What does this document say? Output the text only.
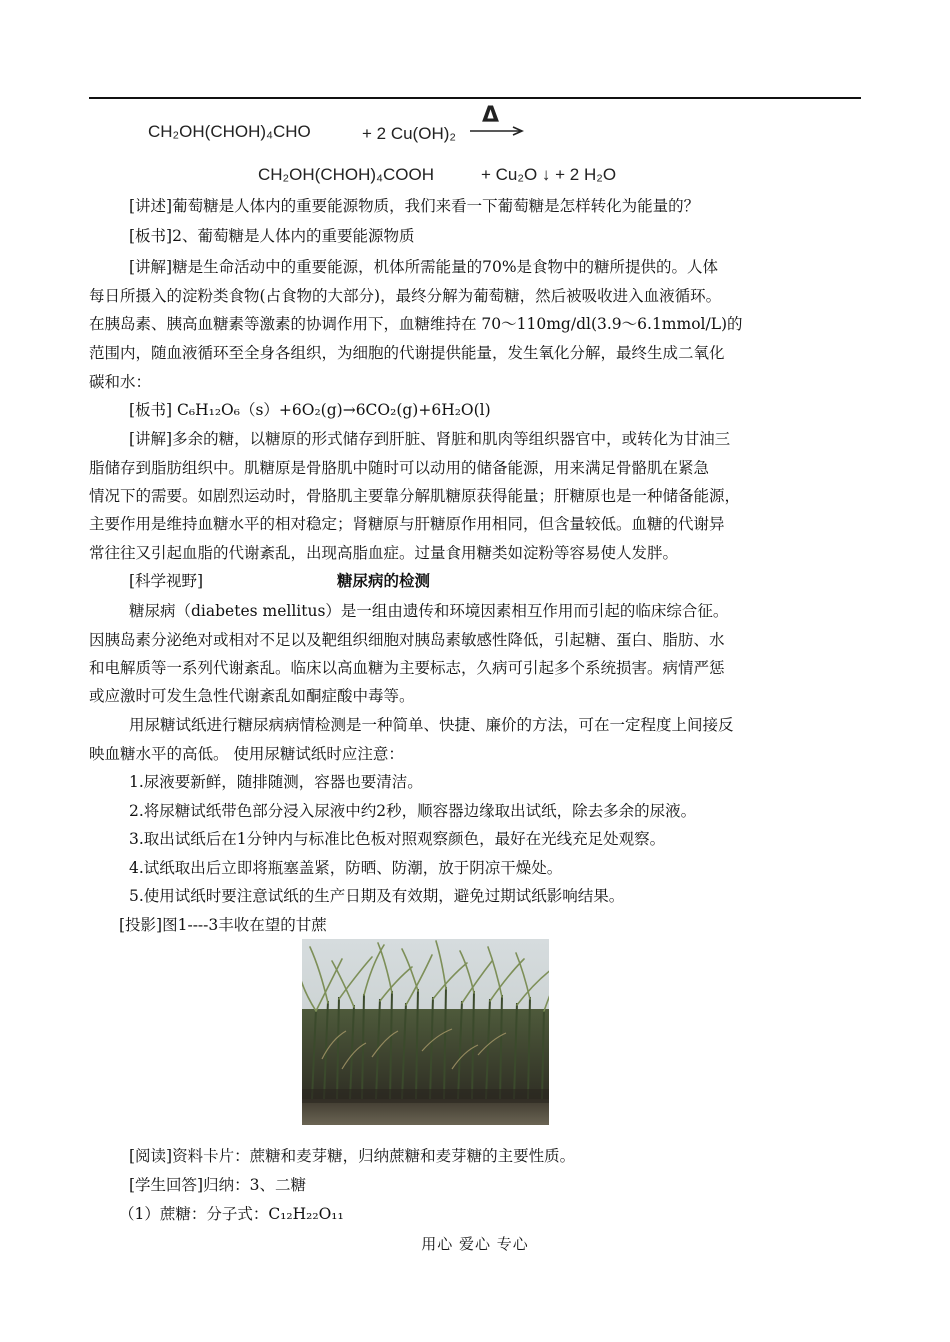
CH₂OH(CHOH)₄CHO	+ 2 Cu(OH)₂
Δ
CH₂OH(CHOH)₄COOH	+ Cu₂O ↓ + 2 H₂O
[讲述]葡萄糖是人体内的重要能源物质，我们来看一下葡萄糖是怎样转化为能量的？
[板书]2、葡萄糖是人体内的重要能源物质
[讲解]糖是生命活动中的重要能源，机体所需能量的70%是食物中的糖所提供的。人体
每日所摄入的淀粉类食物(占食物的大部分)，最终分解为葡萄糖，然后被吸收进入血液循环。
在胰岛素、胰高血糖素等激素的协调作用下，血糖维持在 70～110mg/dl(3.9～6.1mmol/L)的
范围内，随血液循环至全身各组织，为细胞的代谢提供能量，发生氧化分解，最终生成二氧化
碳和水：
[板书] C₆H₁₂O₆（s）+6O₂(g)→6CO₂(g)+6H₂O(l)
[讲解]多余的糖，以糖原的形式储存到肝脏、肾脏和肌肉等组织器官中，或转化为甘油三
脂储存到脂肪组织中。肌糖原是骨胳肌中随时可以动用的储备能源，用来满足骨骼肌在紧急
情况下的需要。如剧烈运动时，骨胳肌主要靠分解肌糖原获得能量；肝糖原也是一种储备能源，
主要作用是维持血糖水平的相对稳定；肾糖原与肝糖原作用相同，但含量较低。血糖的代谢异
常往往又引起血脂的代谢紊乱，出现高脂血症。过量食用糖类如淀粉等容易使人发胖。
[科学视野]	糖尿病的检测
糖尿病（diabetes mellitus）是一组由遗传和环境因素相互作用而引起的临床综合征。
因胰岛素分泌绝对或相对不足以及靶组织细胞对胰岛素敏感性降低，引起糖、蛋白、脂肪、水
和电解质等一系列代谢紊乱。临床以高血糖为主要标志，久病可引起多个系统损害。病情严惩
或应激时可发生急性代谢紊乱如酮症酸中毒等。
用尿糖试纸进行糖尿病病情检测是一种简单、快捷、廉价的方法，可在一定程度上间接反
映血糖水平的高低。 使用尿糖试纸时应注意：
1.尿液要新鲜，随排随测，容器也要清洁。
2.将尿糖试纸带色部分浸入尿液中约2秒，顺容器边缘取出试纸，除去多余的尿液。
3.取出试纸后在1分钟内与标准比色板对照观察颜色，最好在光线充足处观察。
4.试纸取出后立即将瓶塞盖紧，防晒、防潮，放于阴凉干燥处。
5.使用试纸时要注意试纸的生产日期及有效期，避免过期试纸影响结果。
[投影]图1----3丰收在望的甘蔗
[阅读]资料卡片：蔗糖和麦芽糖，归纳蔗糖和麦芽糖的主要性质。
[学生回答]归纳：3、二糖
（1）蔗糖：分子式：C₁₂H₂₂O₁₁
用心 爱心 专心
